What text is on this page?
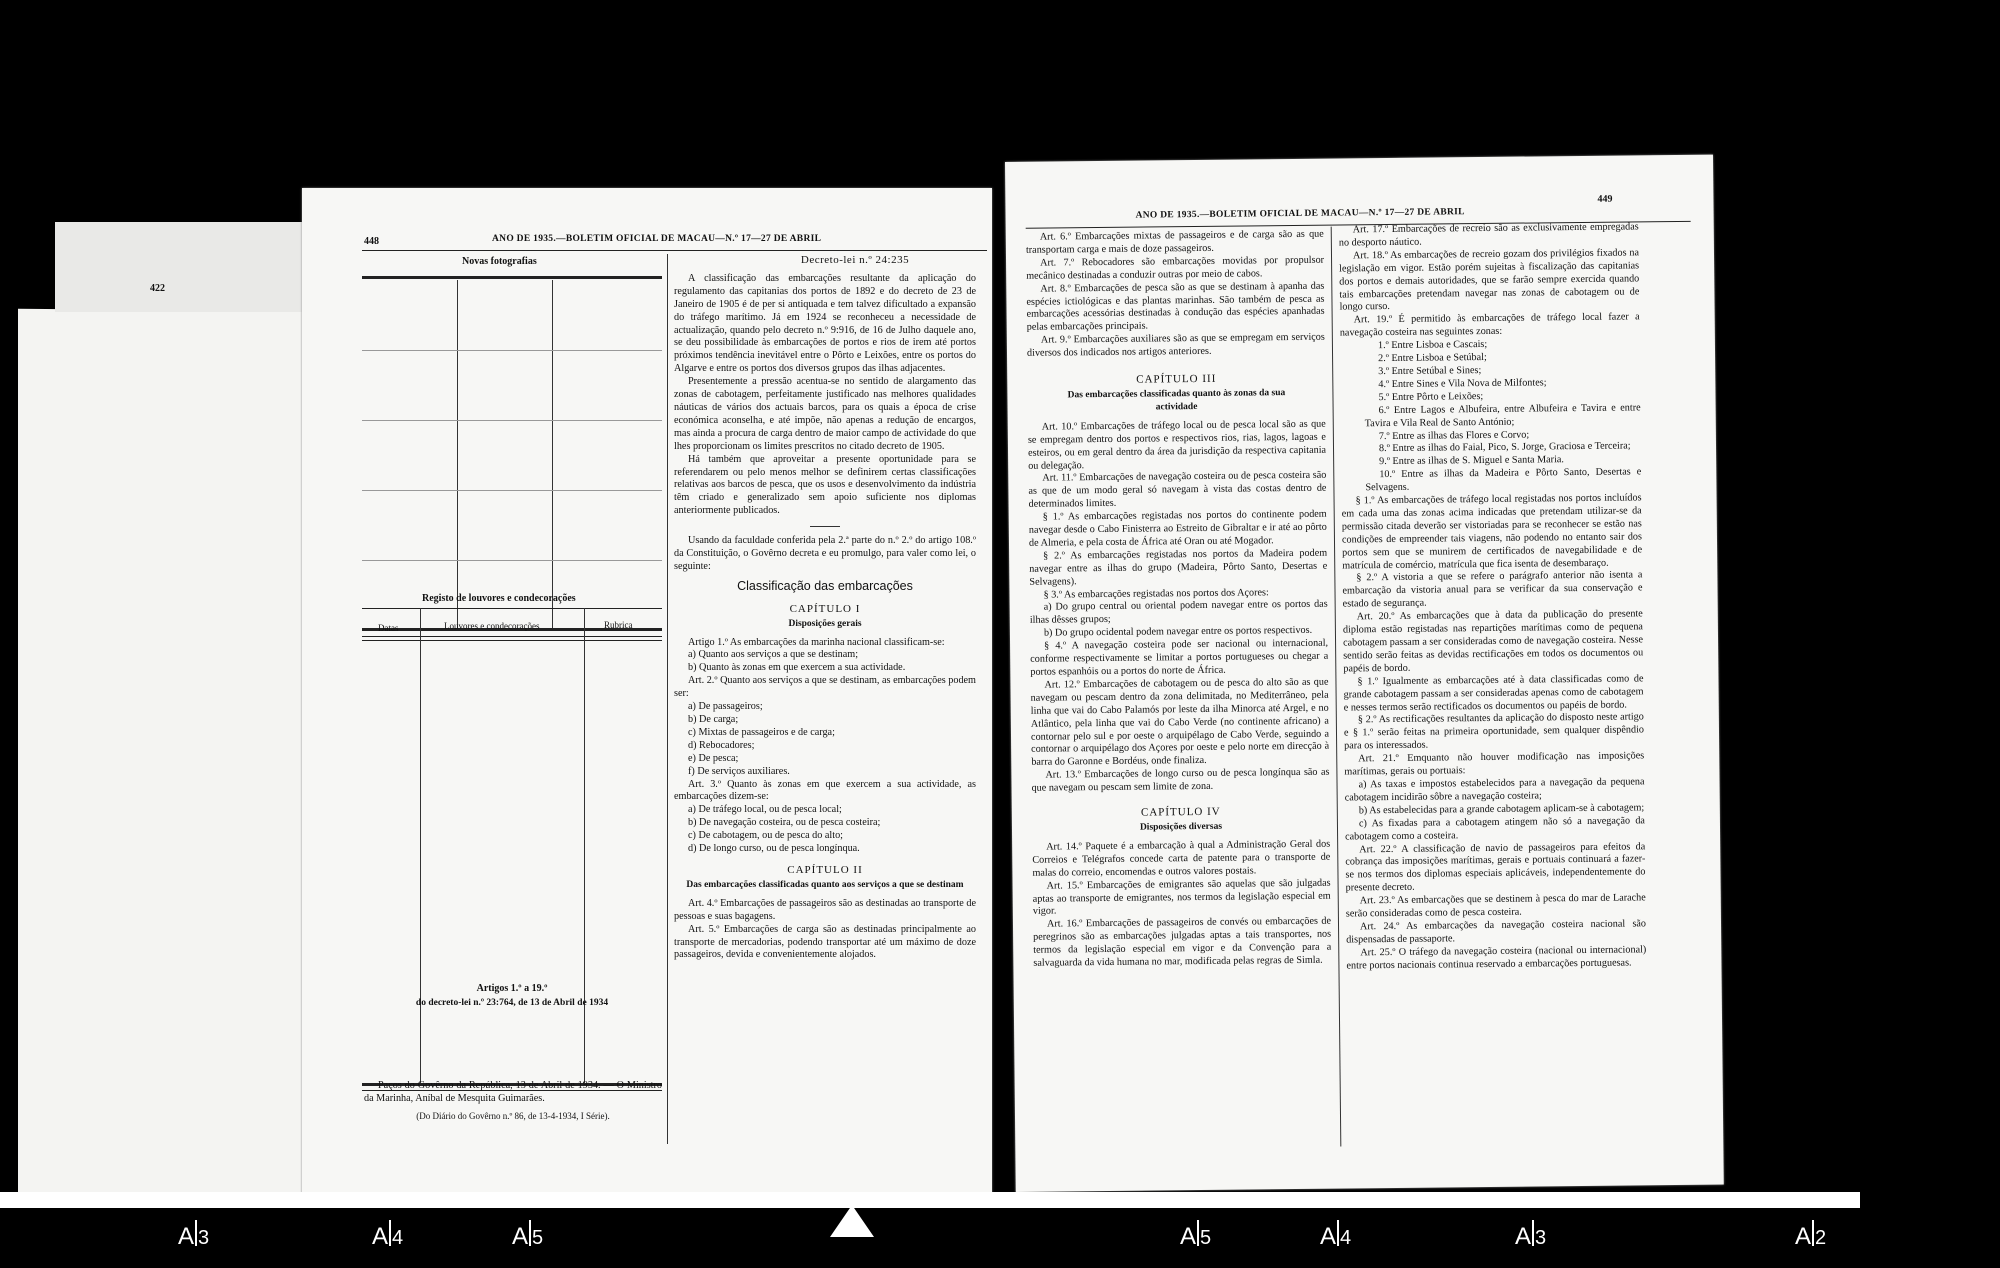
422
448	ANO DE 1935.—BOLETIM OFICIAL DE MACAU—N.º 17—27 DE ABRIL
Novas fotografias
Registo de louvores e condecorações
Datas	Louvores e condecorações	Rubrica
Artigos 1.º a 19.º
do decreto-lei n.º 23:764, de 13 de Abril de 1934

Paços do Govêrno da República, 13 de Abril de 1934. — O Ministro da Marinha, Aníbal de Mesquita Guimarães.

(Do Diário do Govêrno n.º 86, de 13-4-1934, I Série).

Decreto-lei n.º 24:235

A classificação das embarcações resultante da aplicação do regulamento das capitanias dos portos de 1892 e do decreto de 23 de Janeiro de 1905 é de per si antiquada e tem talvez dificultado a expansão do tráfego marítimo. Já em 1924 se reconheceu a necessidade de actualização, quando pelo decreto n.º 9:916, de 16 de Julho daquele ano, se deu possibilidade às embarcações de portos e rios de irem até portos próximos tendência inevitável entre o Pôrto e Leixões, entre os portos do Algarve e entre os portos dos diversos grupos das ilhas adjacentes.

Presentemente a pressão acentua-se no sentido de alargamento das zonas de cabotagem, perfeitamente justificado nas melhores qualidades náuticas de vários dos actuais barcos, para os quais a época de crise económica aconselha, e até impõe, não apenas a redução de encargos, mas ainda a procura de carga dentro de maior campo de actividade do que lhes proporcionam os limites prescritos no citado decreto de 1905.

Há também que aproveitar a presente oportunidade para se referendarem ou pelo menos melhor se definirem certas classificações relativas aos barcos de pesca, que os usos e desenvolvimento da indústria têm criado e generalizado sem apoio suficiente nos diplomas anteriormente publicados.

Usando da faculdade conferida pela 2.ª parte do n.º 2.º do artigo 108.º da Constituição, o Govêrno decreta e eu promulgo, para valer como lei, o seguinte:

Classificação das embarcações
CAPÍTULO I
Disposições gerais

Artigo 1.º As embarcações da marinha nacional classificam-se:

a) Quanto aos serviços a que se destinam;

b) Quanto às zonas em que exercem a sua actividade.

Art. 2.º Quanto aos serviços a que se destinam, as embarcações podem ser:

a) De passageiros;

b) De carga;

c) Mixtas de passageiros e de carga;

d) Rebocadores;

e) De pesca;

f) De serviços auxiliares.

Art. 3.º Quanto às zonas em que exercem a sua actividade, as embarcações dizem-se:

a) De tráfego local, ou de pesca local;

b) De navegação costeira, ou de pesca costeira;

c) De cabotagem, ou de pesca do alto;

d) De longo curso, ou de pesca longínqua.

CAPÍTULO II
Das embarcações classificadas quanto aos serviços a que se destinam

Art. 4.º Embarcações de passageiros são as destinadas ao transporte de pessoas e suas bagagens.

Art. 5.º Embarcações de carga são as destinadas principalmente ao transporte de mercadorias, podendo transportar até um máximo de doze passageiros, devida e convenientemente alojados.

ANO DE 1935.—BOLETIM OFICIAL DE MACAU—N.º 17—27 DE ABRIL
449

Art. 6.º Embarcações mixtas de passageiros e de carga são as que transportam carga e mais de doze passageiros.

Art. 7.º Rebocadores são embarcações movidas por propulsor mecânico destinadas a conduzir outras por meio de cabos.

Art. 8.º Embarcações de pesca são as que se destinam à apanha das espécies ictiológicas e das plantas marinhas. São também de pesca as embarcações acessórias destinadas à condução das espécies apanhadas pelas embarcações principais.

Art. 9.º Embarcações auxiliares são as que se empregam em serviços diversos dos indicados nos artigos anteriores.

CAPÍTULO III
Das embarcações classificadas quanto às zonas da sua actividade

Art. 10.º Embarcações de tráfego local ou de pesca local são as que se empregam dentro dos portos e respectivos rios, rias, lagos, lagoas e esteiros, ou em geral dentro da área da jurisdição da respectiva capitania ou delegação.

Art. 11.º Embarcações de navegação costeira ou de pesca costeira são as que de um modo geral só navegam à vista das costas dentro de determinados limites.

§ 1.º As embarcações registadas nos portos do continente podem navegar desde o Cabo Finisterra ao Estreito de Gibraltar e ir até ao pôrto de Almeria, e pela costa de África até Oran ou até Mogador.

§ 2.º As embarcações registadas nos portos da Madeira podem navegar entre as ilhas do grupo (Madeira, Pôrto Santo, Desertas e Selvagens).

§ 3.º As embarcações registadas nos portos dos Açores:

a) Do grupo central ou oriental podem navegar entre os portos das ilhas dêsses grupos;

b) Do grupo ocidental podem navegar entre os portos respectivos.

§ 4.º A navegação costeira pode ser nacional ou internacional, conforme respectivamente se limitar a portos portugueses ou chegar a portos espanhóis ou a portos do norte de África.

Art. 12.º Embarcações de cabotagem ou de pesca do alto são as que navegam ou pescam dentro da zona delimitada, no Mediterrâneo, pela linha que vai do Cabo Palamós por leste da ilha Minorca até Argel, e no Atlântico, pela linha que vai do Cabo Verde (no continente africano) a contornar pelo sul e por oeste o arquipélago de Cabo Verde, seguindo a contornar o arquipélago dos Açores por oeste e pelo norte em direcção à barra do Garonne e Bordéus, onde finaliza.

Art. 13.º Embarcações de longo curso ou de pesca longínqua são as que navegam ou pescam sem limite de zona.

CAPÍTULO IV
Disposições diversas

Art. 14.º Paquete é a embarcação à qual a Administração Geral dos Correios e Telégrafos concede carta de patente para o transporte de malas do correio, encomendas e outros valores postais.

Art. 15.º Embarcações de emigrantes são aquelas que são julgadas aptas ao transporte de emigrantes, nos termos da legislação especial em vigor.

Art. 16.º Embarcações de passageiros de convés ou embarcações de peregrinos são as embarcações julgadas aptas a tais transportes, nos termos da legislação especial em vigor e da Convenção para a salvaguarda da vida humana no mar, modificada pelas regras de Simla.

Art. 17.º Embarcações de recreio são as exclusivamente empregadas no desporto náutico.

Art. 18.º As embarcações de recreio gozam dos privilégios fixados na legislação em vigor. Estão porém sujeitas à fiscalização das capitanias dos portos e demais autoridades, que se farão sempre exercida quando tais embarcações pretendam navegar nas zonas de cabotagem ou de longo curso.

Art. 19.º É permitido às embarcações de tráfego local fazer a navegação costeira nas seguintes zonas:

1.º Entre Lisboa e Cascais;

2.º Entre Lisboa e Setúbal;

3.º Entre Setúbal e Sines;

4.º Entre Sines e Vila Nova de Milfontes;

5.º Entre Pôrto e Leixões;

6.º Entre Lagos e Albufeira, entre Albufeira e Tavira e entre Tavira e Vila Real de Santo António;

7.º Entre as ilhas das Flores e Corvo;

8.º Entre as ilhas do Faial, Pico, S. Jorge, Graciosa e Terceira;

9.º Entre as ilhas de S. Miguel e Santa Maria.

10.º Entre as ilhas da Madeira e Pôrto Santo, Desertas e Selvagens.

§ 1.º As embarcações de tráfego local registadas nos portos incluídos em cada uma das zonas acima indicadas que pretendam utilizar-se da permissão citada deverão ser vistoriadas para se reconhecer se estão nas condições de empreender tais viagens, não podendo no entanto sair dos portos sem que se munirem de certificados de navegabilidade e de matrícula de comércio, matrícula que fica isenta de desembaraço.

§ 2.º A vistoria a que se refere o parágrafo anterior não isenta a embarcação da vistoria anual para se verificar da sua conservação e estado de segurança.

Art. 20.º As embarcações que à data da publicação do presente diploma estão registadas nas repartições marítimas como de pequena cabotagem passam a ser consideradas como de navegação costeira. Nesse sentido serão feitas as devidas rectificações em todos os documentos ou papéis de bordo.

§ 1.º Igualmente as embarcações até à data classificadas como de grande cabotagem passam a ser consideradas apenas como de cabotagem e nesses termos serão rectificados os documentos ou papéis de bordo.

§ 2.º As rectificações resultantes da aplicação do disposto neste artigo e § 1.º serão feitas na primeira oportunidade, sem qualquer dispêndio para os interessados.

Art. 21.º Emquanto não houver modificação nas imposições marítimas, gerais ou portuais:

a) As taxas e impostos estabelecidos para a navegação da pequena cabotagem incidirão sôbre a navegação costeira;

b) As estabelecidas para a grande cabotagem aplicam-se à cabotagem;

c) As fixadas para a cabotagem atingem não só a navegação da cabotagem como a costeira.

Art. 22.º A classificação de navio de passageiros para efeitos da cobrança das imposições marítimas, gerais e portuais continuará a fazer-se nos termos dos diplomas especiais aplicáveis, independentemente do presente decreto.

Art. 23.º As embarcações que se destinem à pesca do mar de Larache serão consideradas como de pesca costeira.

Art. 24.º As embarcações da navegação costeira nacional são dispensadas de passaporte.

Art. 25.º O tráfego da navegação costeira (nacional ou internacional) entre portos nacionais continua reservado a embarcações portuguesas.

A 3	A 4	A 5	A 5	A 4	A 3	A 2
